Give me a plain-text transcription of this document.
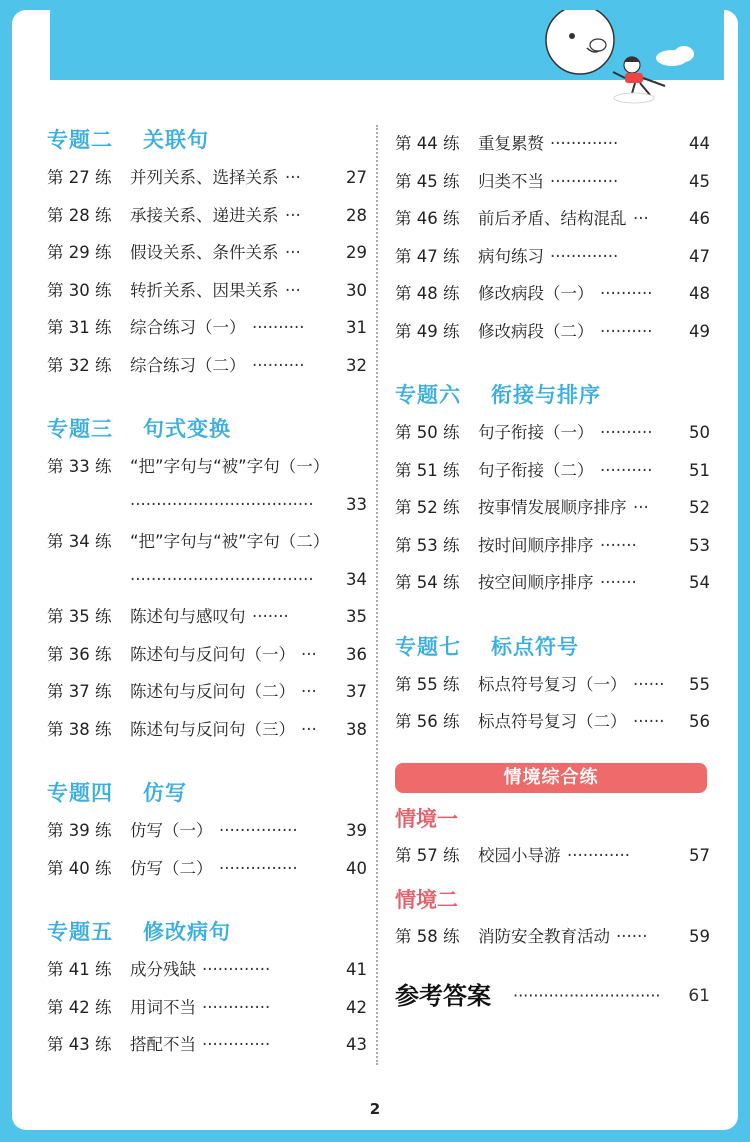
专题二 关联句
第 27 练 并列关系、选择关系 ···	27
第 28 练 承接关系、递进关系 ···	28
第 29 练 假设关系、条件关系 ···	29
第 30 练 转折关系、因果关系 ···	30
第 31 练 综合练习（一） ··········	31
第 32 练 综合练习（二） ··········	32
专题三 句式变换
第 33 练 “把”字句与“被”字句（一）
···································	33
第 34 练 “把”字句与“被”字句（二）
···································	34
第 35 练 陈述句与感叹句 ·······	35
第 36 练 陈述句与反问句（一） ···	36
第 37 练 陈述句与反问句（二） ···	37
第 38 练 陈述句与反问句（三） ···	38
专题四 仿写
第 39 练 仿写（一） ···············	39
第 40 练 仿写（二） ···············	40
专题五 修改病句
第 41 练 成分残缺 ·············	41
第 42 练 用词不当 ·············	42
第 43 练 搭配不当 ·············	43
第 44 练 重复累赘 ·············	44
第 45 练 归类不当 ·············	45
第 46 练 前后矛盾、结构混乱 ···	46
第 47 练 病句练习 ·············	47
第 48 练 修改病段（一） ··········	48
第 49 练 修改病段（二） ··········	49
专题六 衔接与排序
第 50 练 句子衔接（一） ··········	50
第 51 练 句子衔接（二） ··········	51
第 52 练 按事情发展顺序排序 ···	52
第 53 练 按时间顺序排序 ·······	53
第 54 练 按空间顺序排序 ·······	54
专题七 标点符号
第 55 练 标点符号复习（一） ······	55
第 56 练 标点符号复习（二） ······	56
情境综合练
情境一
第 57 练 校园小导游 ············	57
情境二
第 58 练 消防安全教育活动 ······	59
参考答案 ····························· 61
2
